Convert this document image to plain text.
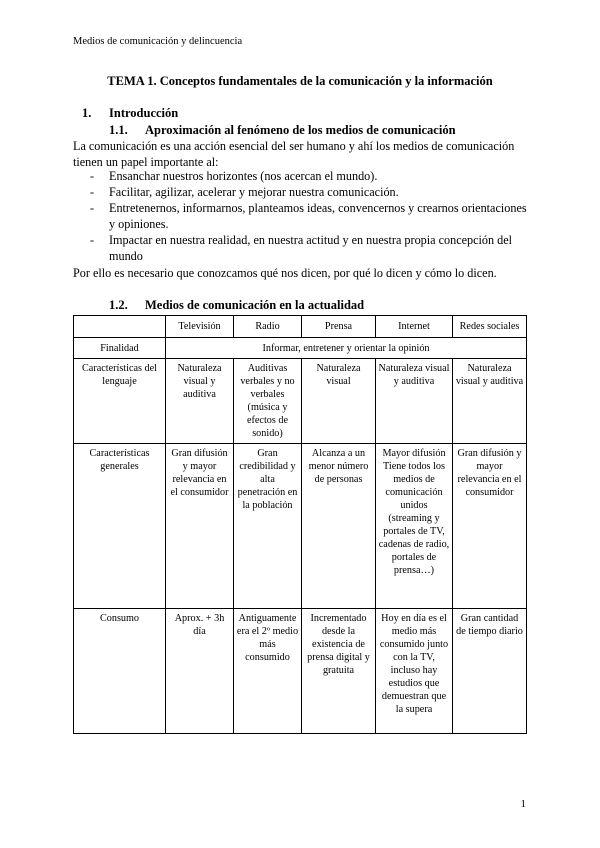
Medios de comunicación y delincuencia
TEMA 1. Conceptos fundamentales de la comunicación y la información
1. Introducción
1.1. Aproximación al fenómeno de los medios de comunicación
La comunicación es una acción esencial del ser humano y ahí los medios de comunicación tienen un papel importante al:
- Ensanchar nuestros horizontes (nos acercan el mundo).
- Facilitar, agilizar, acelerar y mejorar nuestra comunicación.
- Entretenernos, informarnos, planteamos ideas, convencernos y crearnos orientaciones y opiniones.
- Impactar en nuestra realidad, en nuestra actitud y en nuestra propia concepción del mundo
Por ello es necesario que conozcamos qué nos dicen, por qué lo dicen y cómo lo dicen.
1.2. Medios de comunicación en la actualidad
	Televisión	Radio	Prensa	Internet	Redes sociales
Finalidad	Informar, entretener y orientar la opinión				
Características del lenguaje	Naturaleza visual y auditiva	Auditivas verbales y no verbales (música y efectos de sonido)	Naturaleza visual	Naturaleza visual y auditiva	Naturaleza visual y auditiva
Características generales	Gran difusión y mayor relevancia en el consumidor	Gran credibilidad y alta penetración en la población	Alcanza a un menor número de personas	Mayor difusión Tiene todos los medios de comunicación unidos (streaming y portales de TV, cadenas de radio, portales de prensa…)	Gran difusión y mayor relevancia en el consumidor
Consumo	Aprox. + 3h día	Antiguamente era el 2º medio más consumido	Incrementado desde la existencia de prensa digital y gratuita	Hoy en día es el medio más consumido junto con la TV, incluso hay estudios que demuestran que la supera	Gran cantidad de tiempo diario
1
